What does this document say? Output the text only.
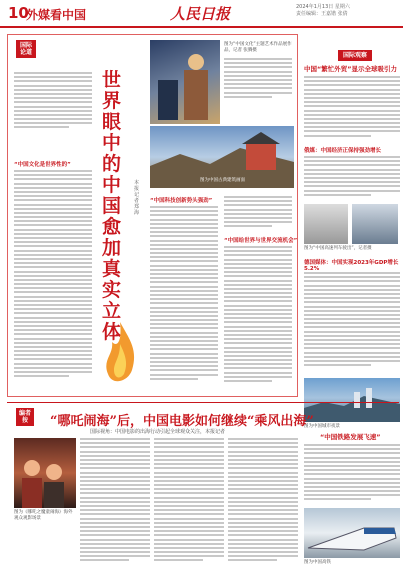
10
外媒看中国	人民日报	2024年1月13日 星期六
责任编辑：王嘉锴 张倩
国际论道
“中国文化是世界性的”
世界眼中的中国愈加真实立体
本报记者 郑海
图为“中国文化”主题艺术作品展作品，记者 张腾摄
图为中国古典建筑画面
“中国科技创新势头强劲”
“中国给世界与世界交流机会”
国际观察
中国“繁忙外贸”显示全球吸引力
俄媒：中国经济正保持强劲增长
图为“中国高速列车驶出”，记者摄
德国媒体：中国实现2023年GDP增长5.2%
图为中国城市夜景
编者按	“哪吒闹海”后，中国电影如何继续“乘风出海”
国际视角：中国电影的出海行动引起全球观众关注，本报记者
图为《哪吒之魔童闹海》海外观众观影场景
“中国铁路发展飞速”
图为中国高铁
